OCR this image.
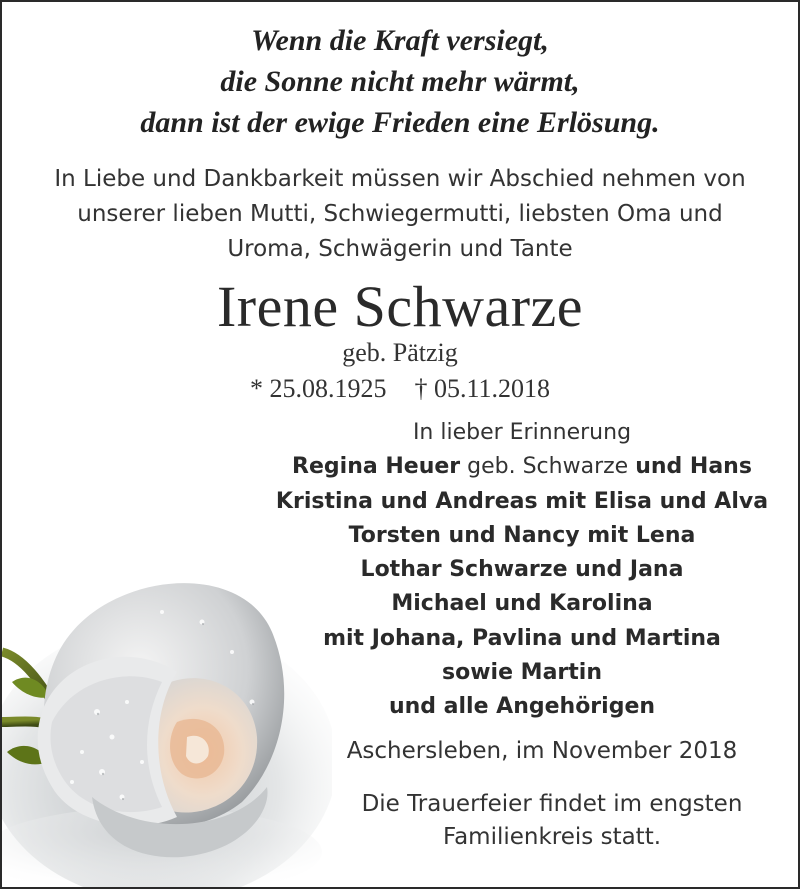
Wenn die Kraft versiegt,
die Sonne nicht mehr wärmt,
dann ist der ewige Frieden eine Erlösung.
In Liebe und Dankbarkeit müssen wir Abschied nehmen von
unserer lieben Mutti, Schwiegermutti, liebsten Oma und
Uroma, Schwägerin und Tante
Irene Schwarze
geb. Pätzig
* 25.08.1925 † 05.11.2018
In lieber Erinnerung
Regina Heuer geb. Schwarze und Hans
Kristina und Andreas mit Elisa und Alva
Torsten und Nancy mit Lena
Lothar Schwarze und Jana
Michael und Karolina
mit Johana, Pavlina und Martina
sowie Martin
und alle Angehörigen
Aschersleben, im November 2018
Die Trauerfeier findet im engsten
Familienkreis statt.
